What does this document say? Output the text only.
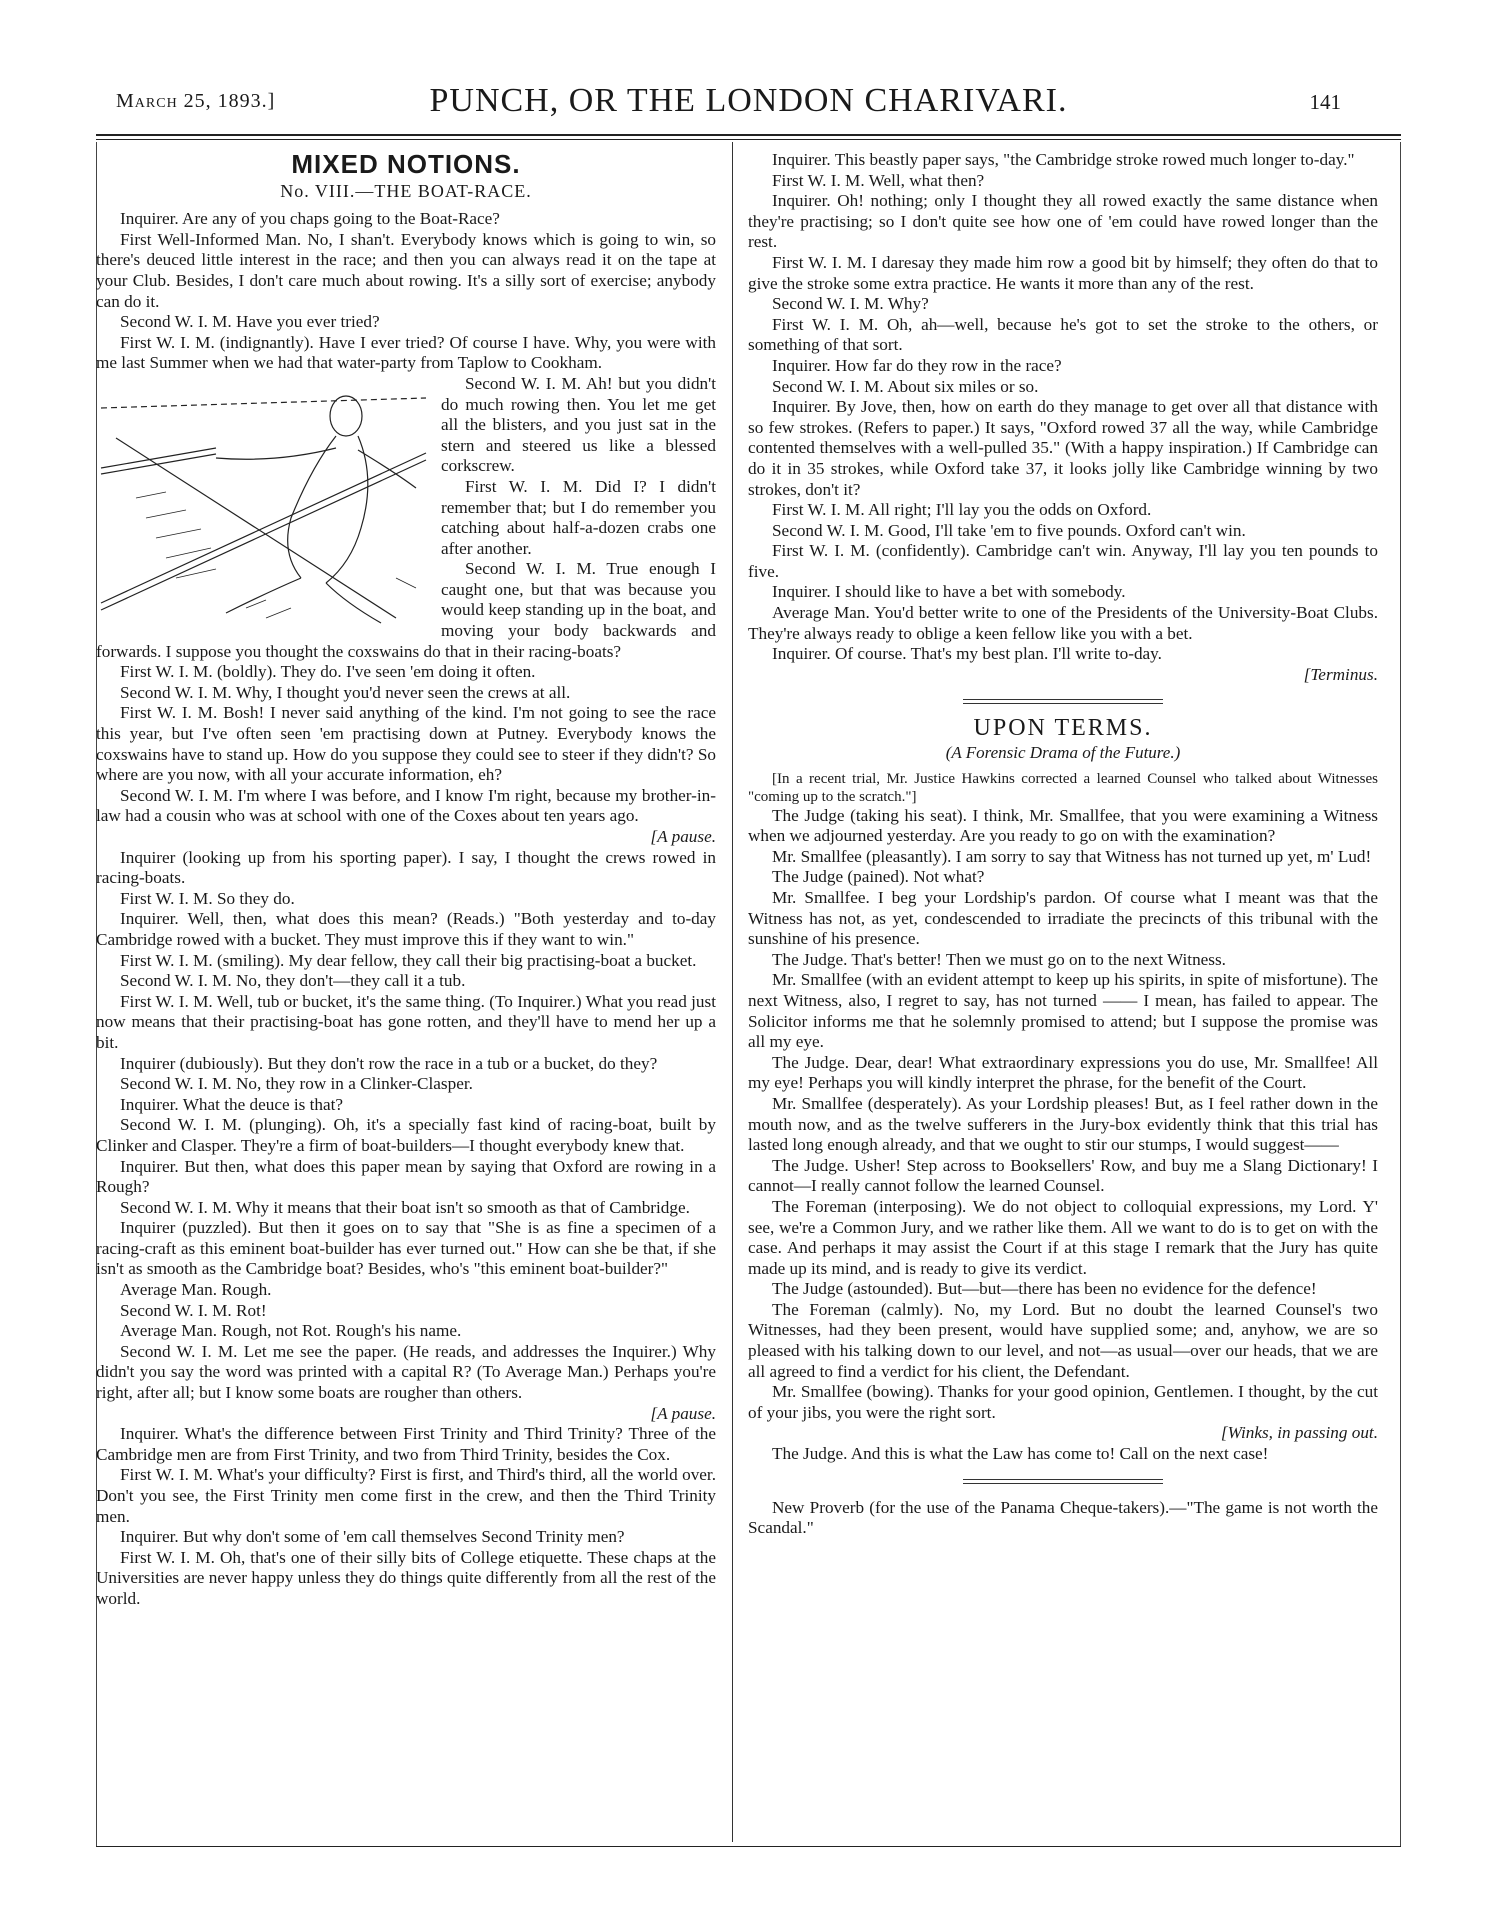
March 25, 1893.]	PUNCH, OR THE LONDON CHARIVARI.	141
MIXED NOTIONS.
No. VIII.—THE BOAT-RACE.

Inquirer. Are any of you chaps going to the Boat-Race?

First Well-Informed Man. No, I shan't. Everybody knows which is going to win, so there's deuced little interest in the race; and then you can always read it on the tape at your Club. Besides, I don't care much about rowing. It's a silly sort of exercise; anybody can do it.

Second W. I. M. Have you ever tried?

First W. I. M. (indignantly). Have I ever tried? Of course I have. Why, you were with me last Summer when we had that water-party from Taplow to Cookham.

Second W. I. M. Ah! but you didn't do much rowing then. You let me get all the blisters, and you just sat in the stern and steered us like a blessed corkscrew.

First W. I. M. Did I? I didn't remember that; but I do remember you catching about half-a-dozen crabs one after another.

Second W. I. M. True enough I caught one, but that was because you would keep standing up in the boat, and moving your body backwards and forwards. I suppose you thought the coxswains do that in their racing-boats?

First W. I. M. (boldly). They do. I've seen 'em doing it often.

Second W. I. M. Why, I thought you'd never seen the crews at all.

First W. I. M. Bosh! I never said anything of the kind. I'm not going to see the race this year, but I've often seen 'em practising down at Putney. Everybody knows the coxswains have to stand up. How do you suppose they could see to steer if they didn't? So where are you now, with all your accurate information, eh?

Second W. I. M. I'm where I was before, and I know I'm right, because my brother-in-law had a cousin who was at school with one of the Coxes about ten years ago.

[A pause.

Inquirer (looking up from his sporting paper). I say, I thought the crews rowed in racing-boats.

First W. I. M. So they do.

Inquirer. Well, then, what does this mean? (Reads.) "Both yesterday and to-day Cambridge rowed with a bucket. They must improve this if they want to win."

First W. I. M. (smiling). My dear fellow, they call their big practising-boat a bucket.

Second W. I. M. No, they don't—they call it a tub.

First W. I. M. Well, tub or bucket, it's the same thing. (To Inquirer.) What you read just now means that their practising-boat has gone rotten, and they'll have to mend her up a bit.

Inquirer (dubiously). But they don't row the race in a tub or a bucket, do they?

Second W. I. M. No, they row in a Clinker-Clasper.

Inquirer. What the deuce is that?

Second W. I. M. (plunging). Oh, it's a specially fast kind of racing-boat, built by Clinker and Clasper. They're a firm of boat-builders—I thought everybody knew that.

Inquirer. But then, what does this paper mean by saying that Oxford are rowing in a Rough?

Second W. I. M. Why it means that their boat isn't so smooth as that of Cambridge.

Inquirer (puzzled). But then it goes on to say that "She is as fine a specimen of a racing-craft as this eminent boat-builder has ever turned out." How can she be that, if she isn't as smooth as the Cambridge boat? Besides, who's "this eminent boat-builder?"

Average Man. Rough.

Second W. I. M. Rot!

Average Man. Rough, not Rot. Rough's his name.

Second W. I. M. Let me see the paper. (He reads, and addresses the Inquirer.) Why didn't you say the word was printed with a capital R? (To Average Man.) Perhaps you're right, after all; but I know some boats are rougher than others.

[A pause.

Inquirer. What's the difference between First Trinity and Third Trinity? Three of the Cambridge men are from First Trinity, and two from Third Trinity, besides the Cox.

First W. I. M. What's your difficulty? First is first, and Third's third, all the world over. Don't you see, the First Trinity men come first in the crew, and then the Third Trinity men.

Inquirer. But why don't some of 'em call themselves Second Trinity men?

First W. I. M. Oh, that's one of their silly bits of College etiquette. These chaps at the Universities are never happy unless they do things quite differently from all the rest of the world.

Inquirer. This beastly paper says, "the Cambridge stroke rowed much longer to-day."

First W. I. M. Well, what then?

Inquirer. Oh! nothing; only I thought they all rowed exactly the same distance when they're practising; so I don't quite see how one of 'em could have rowed longer than the rest.

First W. I. M. I daresay they made him row a good bit by himself; they often do that to give the stroke some extra practice. He wants it more than any of the rest.

Second W. I. M. Why?

First W. I. M. Oh, ah—well, because he's got to set the stroke to the others, or something of that sort.

Inquirer. How far do they row in the race?

Second W. I. M. About six miles or so.

Inquirer. By Jove, then, how on earth do they manage to get over all that distance with so few strokes. (Refers to paper.) It says, "Oxford rowed 37 all the way, while Cambridge contented themselves with a well-pulled 35." (With a happy inspiration.) If Cambridge can do it in 35 strokes, while Oxford take 37, it looks jolly like Cambridge winning by two strokes, don't it?

First W. I. M. All right; I'll lay you the odds on Oxford.

Second W. I. M. Good, I'll take 'em to five pounds. Oxford can't win.

First W. I. M. (confidently). Cambridge can't win. Anyway, I'll lay you ten pounds to five.

Inquirer. I should like to have a bet with somebody.

Average Man. You'd better write to one of the Presidents of the University-Boat Clubs. They're always ready to oblige a keen fellow like you with a bet.

Inquirer. Of course. That's my best plan. I'll write to-day.

[Terminus.

UPON TERMS.
(A Forensic Drama of the Future.)

[In a recent trial, Mr. Justice Hawkins corrected a learned Counsel who talked about Witnesses "coming up to the scratch."]

The Judge (taking his seat). I think, Mr. Smallfee, that you were examining a Witness when we adjourned yesterday. Are you ready to go on with the examination?

Mr. Smallfee (pleasantly). I am sorry to say that Witness has not turned up yet, m' Lud!

The Judge (pained). Not what?

Mr. Smallfee. I beg your Lordship's pardon. Of course what I meant was that the Witness has not, as yet, condescended to irradiate the precincts of this tribunal with the sunshine of his presence.

The Judge. That's better! Then we must go on to the next Witness.

Mr. Smallfee (with an evident attempt to keep up his spirits, in spite of misfortune). The next Witness, also, I regret to say, has not turned —— I mean, has failed to appear. The Solicitor informs me that he solemnly promised to attend; but I suppose the promise was all my eye.

The Judge. Dear, dear! What extraordinary expressions you do use, Mr. Smallfee! All my eye! Perhaps you will kindly interpret the phrase, for the benefit of the Court.

Mr. Smallfee (desperately). As your Lordship pleases! But, as I feel rather down in the mouth now, and as the twelve sufferers in the Jury-box evidently think that this trial has lasted long enough already, and that we ought to stir our stumps, I would suggest——

The Judge. Usher! Step across to Booksellers' Row, and buy me a Slang Dictionary! I cannot—I really cannot follow the learned Counsel.

The Foreman (interposing). We do not object to colloquial expressions, my Lord. Y' see, we're a Common Jury, and we rather like them. All we want to do is to get on with the case. And perhaps it may assist the Court if at this stage I remark that the Jury has quite made up its mind, and is ready to give its verdict.

The Judge (astounded). But—but—there has been no evidence for the defence!

The Foreman (calmly). No, my Lord. But no doubt the learned Counsel's two Witnesses, had they been present, would have supplied some; and, anyhow, we are so pleased with his talking down to our level, and not—as usual—over our heads, that we are all agreed to find a verdict for his client, the Defendant.

Mr. Smallfee (bowing). Thanks for your good opinion, Gentlemen. I thought, by the cut of your jibs, you were the right sort.

[Winks, in passing out.

The Judge. And this is what the Law has come to! Call on the next case!

New Proverb (for the use of the Panama Cheque-takers).—"The game is not worth the Scandal."
